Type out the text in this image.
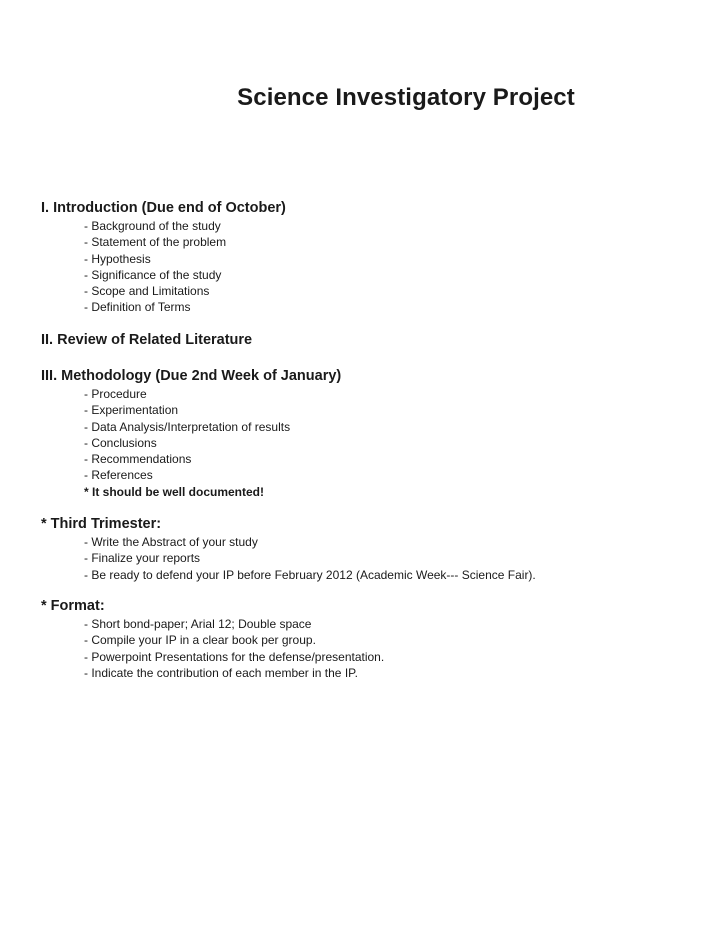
Science Investigatory Project
I. Introduction (Due end of October)
- Background of the study
- Statement of the problem
- Hypothesis
- Significance of the study
- Scope and Limitations
- Definition of Terms
II. Review of Related Literature
III. Methodology (Due 2nd Week of January)
- Procedure
- Experimentation
- Data Analysis/Interpretation of results
- Conclusions
- Recommendations
- References
* It should be well documented!
* Third Trimester:
- Write the Abstract of your study
- Finalize your reports
- Be ready to defend your IP before February 2012 (Academic Week--- Science Fair).
* Format:
- Short bond-paper; Arial 12; Double space
- Compile your IP in a clear book per group.
- Powerpoint Presentations for the defense/presentation.
- Indicate the contribution of each member in the IP.
